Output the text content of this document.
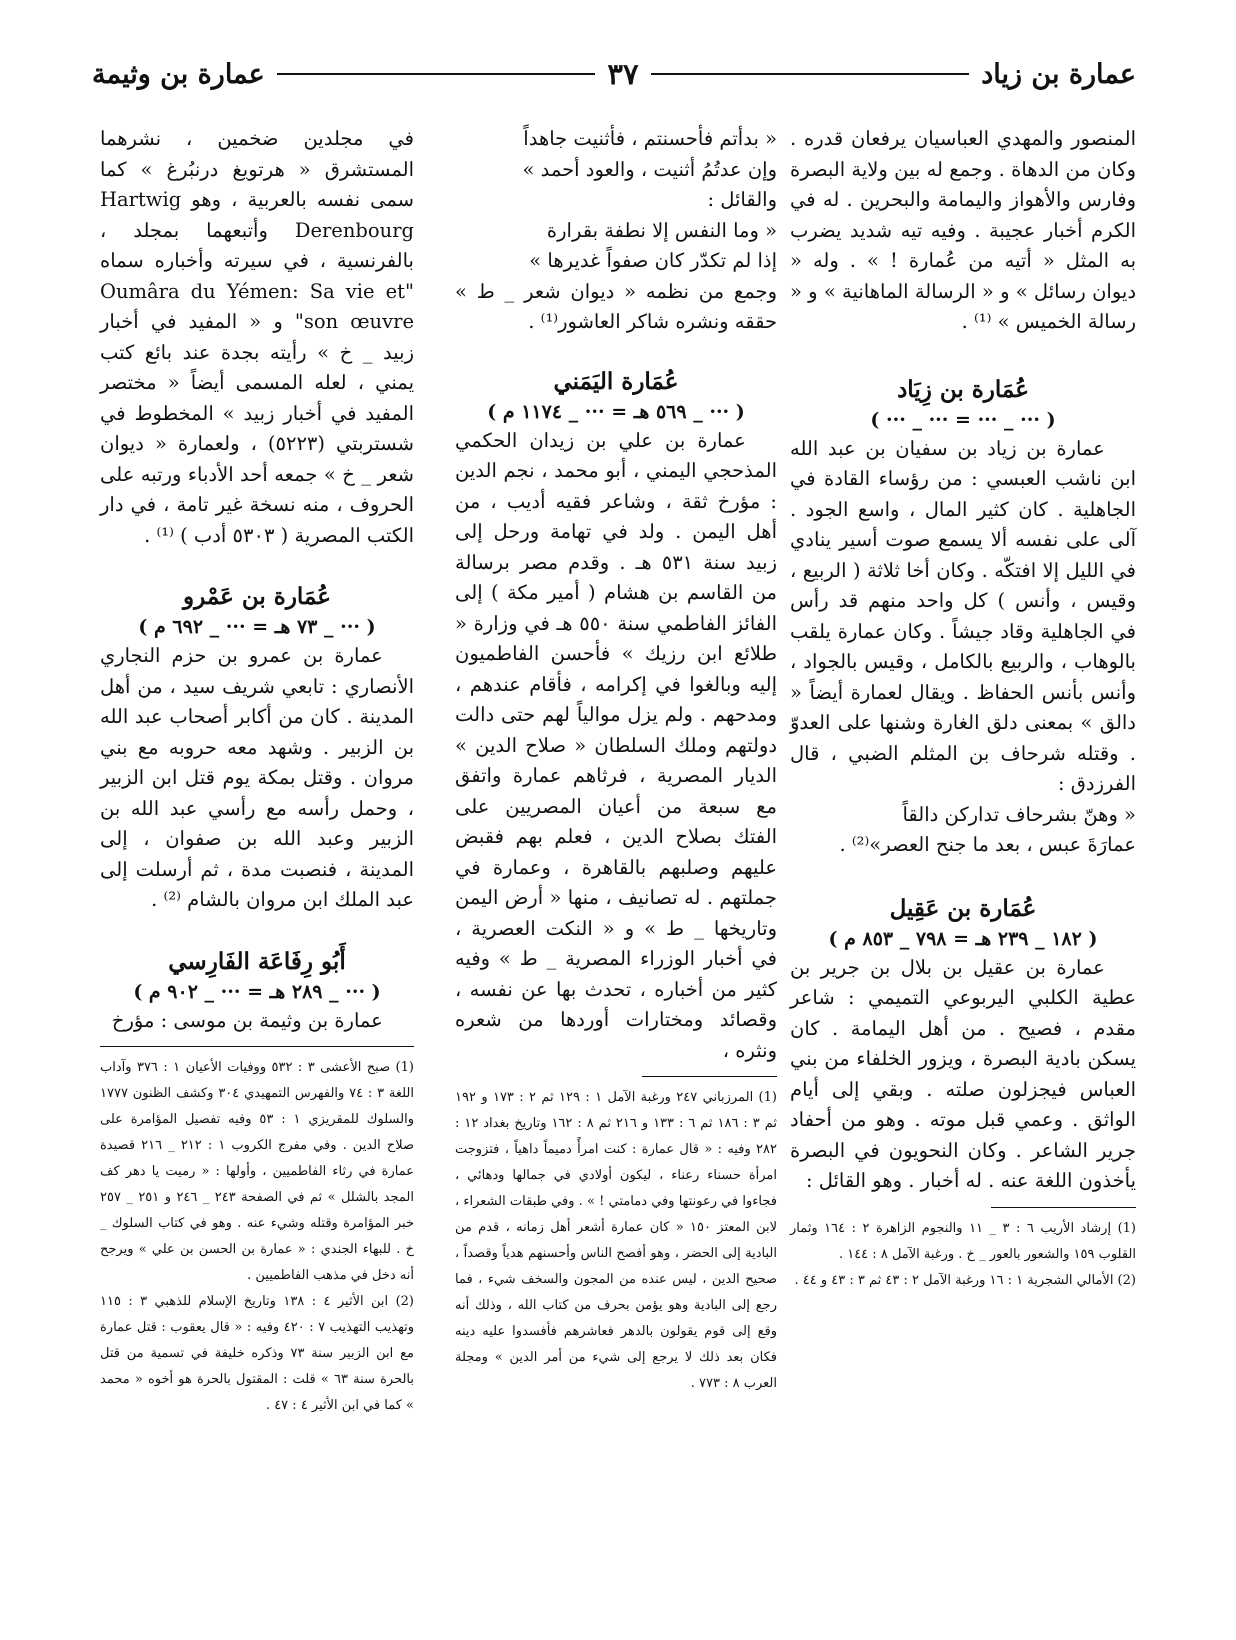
عمارة بن زياد
٣٧
عمارة بن وثيمة

المنصور والمهدي العباسيان يرفعان قدره . وكان من الدهاة . وجمع له بين ولاية البصرة وفارس والأهواز واليمامة والبحرين . له في الكرم أخبار عجيبة . وفيه تيه شديد يضرب به المثل « أتيه من عُمارة ! » . وله « ديوان رسائل » و « الرسالة الماهانية » و « رسالة الخميس » ⁽¹⁾ .

عُمَارة بن زِيَاد

( ··· _ ··· = ··· _ ··· )

عمارة بن زياد بن سفيان بن عبد الله ابن ناشب العبسي : من رؤساء القادة في الجاهلية . كان كثير المال ، واسع الجود . آلى على نفسه ألا يسمع صوت أسير ينادي في الليل إلا افتكّه . وكان أخا ثلاثة ( الربيع ، وقيس ، وأنس ) كل واحد منهم قد رأس في الجاهلية وقاد جيشاً . وكان عمارة يلقب بالوهاب ، والربيع بالكامل ، وقيس بالجواد ، وأنس بأنس الحفاظ . ويقال لعمارة أيضاً « دالق » بمعنى دلق الغارة وشنها على العدوّ . وقتله شرحاف بن المثلم الضبي ، قال الفرزدق :

« وهنّ بشرحاف تداركن دالقاً

عمارَةَ عبس ، بعد ما جنح العصر»⁽²⁾ .

عُمَارة بن عَقِيل

( ١٨٢ _ ٢٣٩ هـ = ٧٩٨ _ ٨٥٣ م )

عمارة بن عقيل بن بلال بن جرير بن عطية الكلبي اليربوعي التميمي : شاعر مقدم ، فصيح . من أهل اليمامة . كان يسكن بادية البصرة ، ويزور الخلفاء من بني العباس فيجزلون صلته . وبقي إلى أيام الواثق . وعمي قبل موته . وهو من أحفاد جرير الشاعر . وكان النحويون في البصرة يأخذون اللغة عنه . له أخبار . وهو القائل :

(1) إرشاد الأريب ٦ : ٣ _ ١١ والنجوم الزاهرة ٢ : ١٦٤ وثمار القلوب ١٥٩ والشعور بالعور _ خ . ورغبة الآمل ٨ : ١٤٤ .

(2) الأمالي الشجرية ١ : ١٦ ورغبة الآمل ٢ : ٤٣ ثم ٣ : ٤٣ و ٤٤ .

« بدأتم فأحسنتم ، فأثنيت جاهداً

وإن عدتُمُ أثنيت ، والعود أحمد »

والقائل :

« وما النفس إلا نطفة بقرارة

إذا لم تكدّر كان صفواً غديرها »

وجمع من نظمه « ديوان شعر _ ط » حققه ونشره شاكر العاشور⁽¹⁾ .

عُمَارة اليَمَني

( ··· _ ٥٦٩ هـ = ··· _ ١١٧٤ م )

عمارة بن علي بن زيدان الحكمي المذحجي اليمني ، أبو محمد ، نجم الدين : مؤرخ ثقة ، وشاعر فقيه أديب ، من أهل اليمن . ولد في تهامة ورحل إلى زبيد سنة ٥٣١ هـ . وقدم مصر برسالة من القاسم بن هشام ( أمير مكة ) إلى الفائز الفاطمي سنة ٥٥٠ هـ في وزارة « طلائع ابن رزيك » فأحسن الفاطميون إليه وبالغوا في إكرامه ، فأقام عندهم ، ومدحهم . ولم يزل موالياً لهم حتى دالت دولتهم وملك السلطان « صلاح الدين » الديار المصرية ، فرثاهم عمارة واتفق مع سبعة من أعيان المصريين على الفتك بصلاح الدين ، فعلم بهم فقبض عليهم وصلبهم بالقاهرة ، وعمارة في جملتهم . له تصانيف ، منها « أرض اليمن وتاريخها _ ط » و « النكت العصرية ، في أخبار الوزراء المصرية _ ط » وفيه كثير من أخباره ، تحدث بها عن نفسه ، وقصائد ومختارات أوردها من شعره ونثره ،

(1) المرزباني ٢٤٧ ورغبة الآمل ١ : ١٢٩ ثم ٢ : ١٧٣ و ١٩٢ ثم ٣ : ١٨٦ ثم ٦ : ١٣٣ و ٢١٦ ثم ٨ : ١٦٢ وتاريخ بغداد ١٢ : ٢٨٢ وفيه : « قال عمارة : كنت امرأً دميماً داهياً ، فتزوجت امرأة حسناء رعناء ، ليكون أولادي في جمالها ودهائي ، فجاءوا في رعونتها وفي دمامتي ! » . وفي طبقات الشعراء ، لابن المعتز ١٥٠ « كان عمارة أشعر أهل زمانه ، قدم من البادية إلى الحضر ، وهو أفصح الناس وأحسنهم هدياً وقصداً ، صحيح الدين ، ليس عنده من المجون والسخف شيء ، فما رجع إلى البادية وهو يؤمن بحرف من كتاب الله ، وذلك أنه وقع إلى قوم يقولون بالدهر فعاشرهم فأفسدوا عليه دينه فكان بعد ذلك لا يرجع إلى شيء من أمر الدين » ومجلة العرب ٨ : ٧٧٣ .

في مجلدين ضخمين ، نشرهما المستشرق « هرتويغ درنبُرغ » كما سمى نفسه بالعربية ، وهو Hartwig Derenbourg وأتبعهما بمجلد ، بالفرنسية ، في سيرته وأخباره سماه "Oumâra du Yémen: Sa vie et son œuvre" و « المفيد في أخبار زبيد _ خ » رأيته بجدة عند بائع كتب يمني ، لعله المسمى أيضاً « مختصر المفيد في أخبار زبيد » المخطوط في شستربتي (٥٢٢٣) ، ولعمارة « ديوان شعر _ خ » جمعه أحد الأدباء ورتبه على الحروف ، منه نسخة غير تامة ، في دار الكتب المصرية ( ٥٣٠٣ أدب ) ⁽¹⁾ .

عُمَارة بن عَمْرو

( ··· _ ٧٣ هـ = ··· _ ٦٩٢ م )

عمارة بن عمرو بن حزم النجاري الأنصاري : تابعي شريف سيد ، من أهل المدينة . كان من أكابر أصحاب عبد الله بن الزبير . وشهد معه حروبه مع بني مروان . وقتل بمكة يوم قتل ابن الزبير ، وحمل رأسه مع رأسي عبد الله بن الزبير وعبد الله بن صفوان ، إلى المدينة ، فنصبت مدة ، ثم أرسلت إلى عبد الملك ابن مروان بالشام ⁽²⁾ .

أَبُو رِفَاعَة الفَارِسي

( ··· _ ٢٨٩ هـ = ··· _ ٩٠٢ م )

عمارة بن وثيمة بن موسى : مؤرخ

(1) صبح الأعشى ٣ : ٥٣٢ ووفيات الأعيان ١ : ٣٧٦ وآداب اللغة ٣ : ٧٤ والفهرس التمهيدي ٣٠٤ وكشف الظنون ١٧٧٧ والسلوك للمقريزي ١ : ٥٣ وفيه تفصيل المؤامرة على صلاح الدين . وفي مفرج الكروب ١ : ٢١٢ _ ٢١٦ قصيدة عمارة في رثاء الفاطميين ، وأولها : « رميت يا دهر كف المجد بالشلل » ثم في الصفحة ٢٤٣ _ ٢٤٦ و ٢٥١ _ ٢٥٧ خبر المؤامرة وقتله وشيء عنه . وهو في كتاب السلوك _ خ . للبهاء الجندي : « عمارة بن الحسن بن علي » ويرجح أنه دخل في مذهب الفاطميين .

(2) ابن الأثير ٤ : ١٣٨ وتاريخ الإسلام للذهبي ٣ : ١١٥ وتهذيب التهذيب ٧ : ٤٢٠ وفيه : « قال يعقوب : قتل عمارة مع ابن الزبير سنة ٧٣ وذكره خليفة في تسمية من قتل بالحرة سنة ٦٣ » قلت : المقتول بالحرة هو أخوه « محمد » كما في ابن الأثير ٤ : ٤٧ .
